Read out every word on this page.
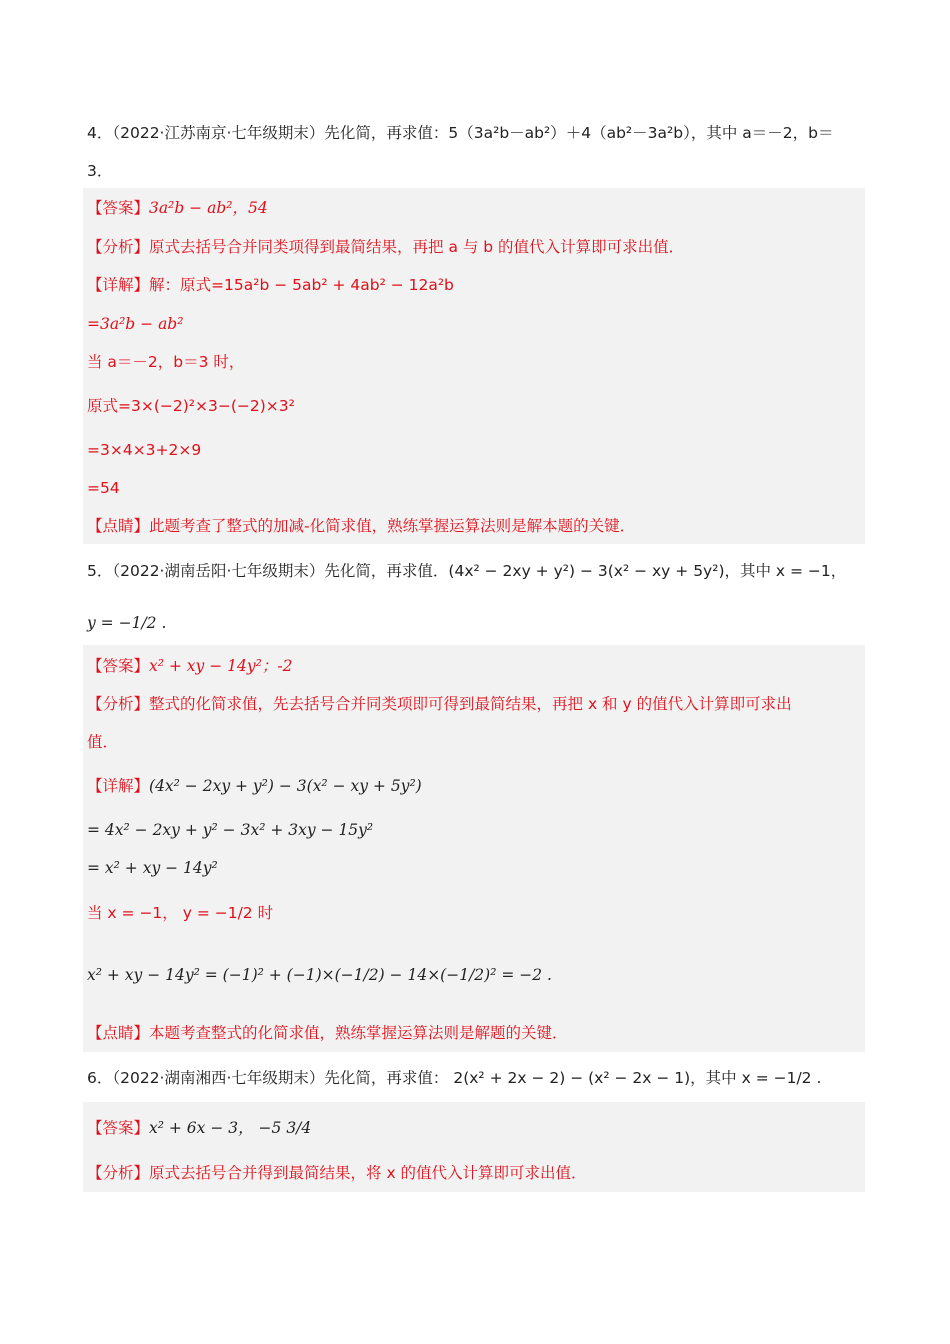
4．（2022·江苏南京·七年级期末）先化简，再求值：5（3a²b－ab²）＋4（ab²－3a²b），其中 a＝－2，b＝
3．
【答案】3a²b − ab²，54
【分析】原式去括号合并同类项得到最简结果，再把 a 与 b 的值代入计算即可求出值．
【详解】解：原式=15a²b − 5ab² + 4ab² − 12a²b
=3a²b − ab²
当 a＝－2，b＝3 时，
原式=3×(−2)²×3−(−2)×3²
=3×4×3+2×9
=54
【点睛】此题考查了整式的加减-化简求值，熟练掌握运算法则是解本题的关键．
5．（2022·湖南岳阳·七年级期末）先化简，再求值．(4x² − 2xy + y²) − 3(x² − xy + 5y²)，其中 x = −1，
y = −1/2 .
【答案】x² + xy − 14y²；-2
【分析】整式的化简求值，先去括号合并同类项即可得到最简结果，再把 x 和 y 的值代入计算即可求出
值．
【详解】(4x² − 2xy + y²) − 3(x² − xy + 5y²)
= 4x² − 2xy + y² − 3x² + 3xy − 15y²
= x² + xy − 14y²
当 x = −1， y = −1/2 时
x² + xy − 14y² = (−1)² + (−1)×(−1/2) − 14×(−1/2)² = −2 .
【点睛】本题考查整式的化简求值，熟练掌握运算法则是解题的关键．
6．（2022·湖南湘西·七年级期末）先化简，再求值： 2(x² + 2x − 2) − (x² − 2x − 1)，其中 x = −1/2 .
【答案】x² + 6x − 3， −5 3/4
【分析】原式去括号合并得到最简结果，将 x 的值代入计算即可求出值．
